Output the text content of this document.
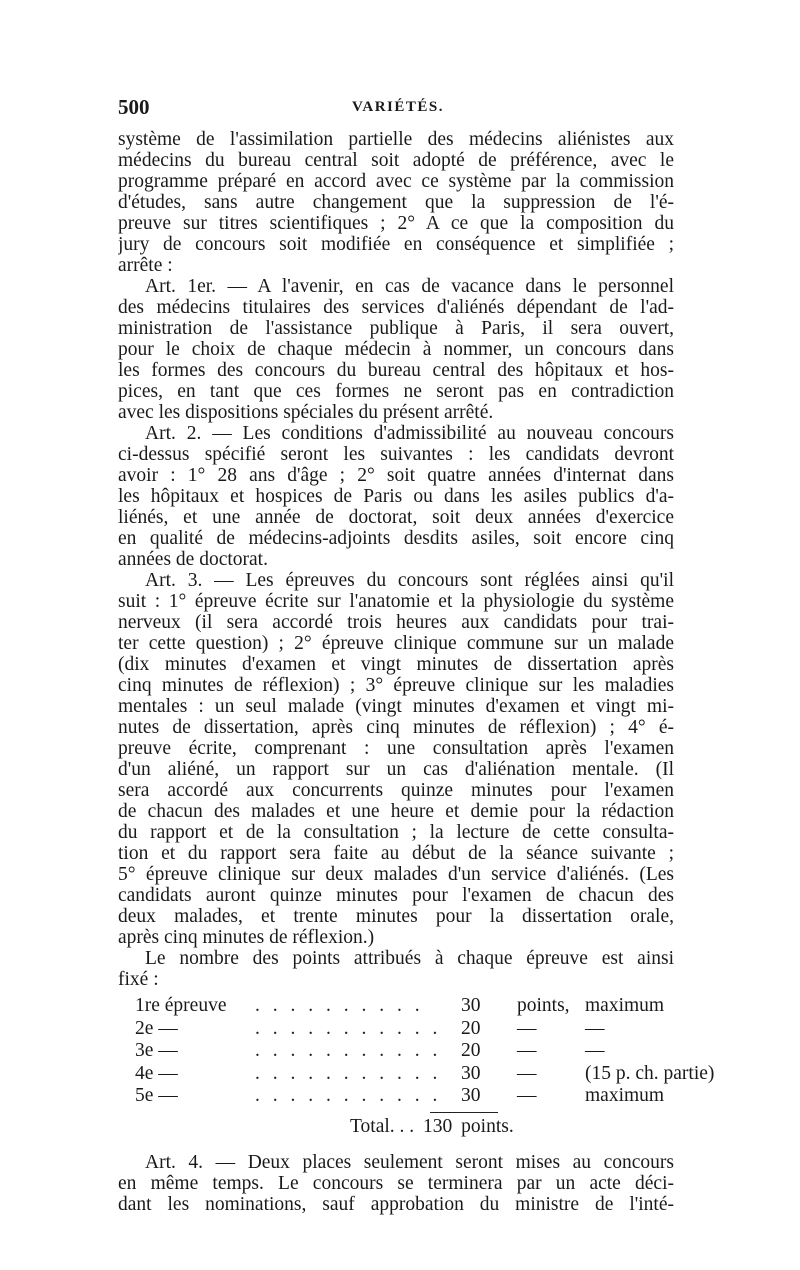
500	VARIÉTÉS.
système de l'assimilation partielle des médecins aliénistes aux
médecins du bureau central soit adopté de préférence, avec le
programme préparé en accord avec ce système par la commission
d'études, sans autre changement que la suppression de l'é-
preuve sur titres scientifiques ; 2° A ce que la composition du
jury de concours soit modifiée en conséquence et simplifiée ;
arrête :
Art. 1er. — A l'avenir, en cas de vacance dans le personnel
des médecins titulaires des services d'aliénés dépendant de l'ad-
ministration de l'assistance publique à Paris, il sera ouvert,
pour le choix de chaque médecin à nommer, un concours dans
les formes des concours du bureau central des hôpitaux et hos-
pices, en tant que ces formes ne seront pas en contradiction
avec les dispositions spéciales du présent arrêté.
Art. 2. — Les conditions d'admissibilité au nouveau concours
ci-dessus spécifié seront les suivantes : les candidats devront
avoir : 1° 28 ans d'âge ; 2° soit quatre années d'internat dans
les hôpitaux et hospices de Paris ou dans les asiles publics d'a-
liénés, et une année de doctorat, soit deux années d'exercice
en qualité de médecins-adjoints desdits asiles, soit encore cinq
années de doctorat.
Art. 3. — Les épreuves du concours sont réglées ainsi qu'il
suit : 1° épreuve écrite sur l'anatomie et la physiologie du système
nerveux (il sera accordé trois heures aux candidats pour trai-
ter cette question) ; 2° épreuve clinique commune sur un malade
(dix minutes d'examen et vingt minutes de dissertation après
cinq minutes de réflexion) ; 3° épreuve clinique sur les maladies
mentales : un seul malade (vingt minutes d'examen et vingt mi-
nutes de dissertation, après cinq minutes de réflexion) ; 4° é-
preuve écrite, comprenant : une consultation après l'examen
d'un aliéné, un rapport sur un cas d'aliénation mentale. (Il
sera accordé aux concurrents quinze minutes pour l'examen
de chacun des malades et une heure et demie pour la rédaction
du rapport et de la consultation ; la lecture de cette consulta-
tion et du rapport sera faite au début de la séance suivante ;
5° épreuve clinique sur deux malades d'un service d'aliénés. (Les
candidats auront quinze minutes pour l'examen de chacun des
deux malades, et trente minutes pour la dissertation orale,
après cinq minutes de réflexion.)
Le nombre des points attribués à chaque épreuve est ainsi
fixé :
1re épreuve . . . . . . . . . . 30 points, maximum
2e —	. . . . . . . . . . . 20 — —
3e —	. . . . . . . . . . . 20 — —
4e —	. . . . . . . . . . . 30 — (15 p. ch. partie)
5e —	. . . . . . . . . . . 30 — maximum
Total. . . 130 points.
Art. 4. — Deux places seulement seront mises au concours
en même temps. Le concours se terminera par un acte déci-
dant les nominations, sauf approbation du ministre de l'inté-
